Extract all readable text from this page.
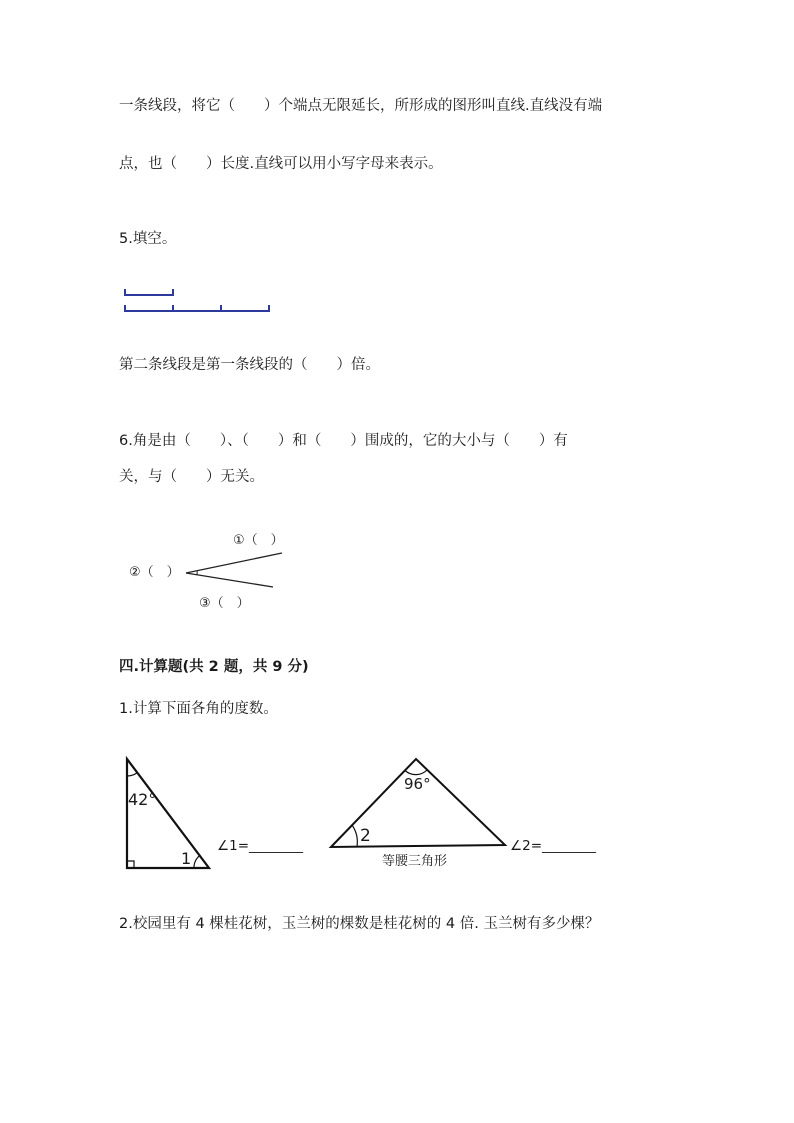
一条线段，将它（　　）个端点无限延长，所形成的图形叫直线.直线没有端
点，也（　　）长度.直线可以用小写字母来表示。
5.填空。
第二条线段是第一条线段的（　　）倍。
6.角是由（　　）、（　　）和（　　）围成的，它的大小与（　　）有
关，与（　　）无关。
①（　）
②（　）
③（　）
四.计算题(共 2 题，共 9 分)
1.计算下面各角的度数。
42°
1
∠1=________
96°
2
等腰三角形
∠2=________
2.校园里有 4 棵桂花树，玉兰树的棵数是桂花树的 4 倍. 玉兰树有多少棵？
